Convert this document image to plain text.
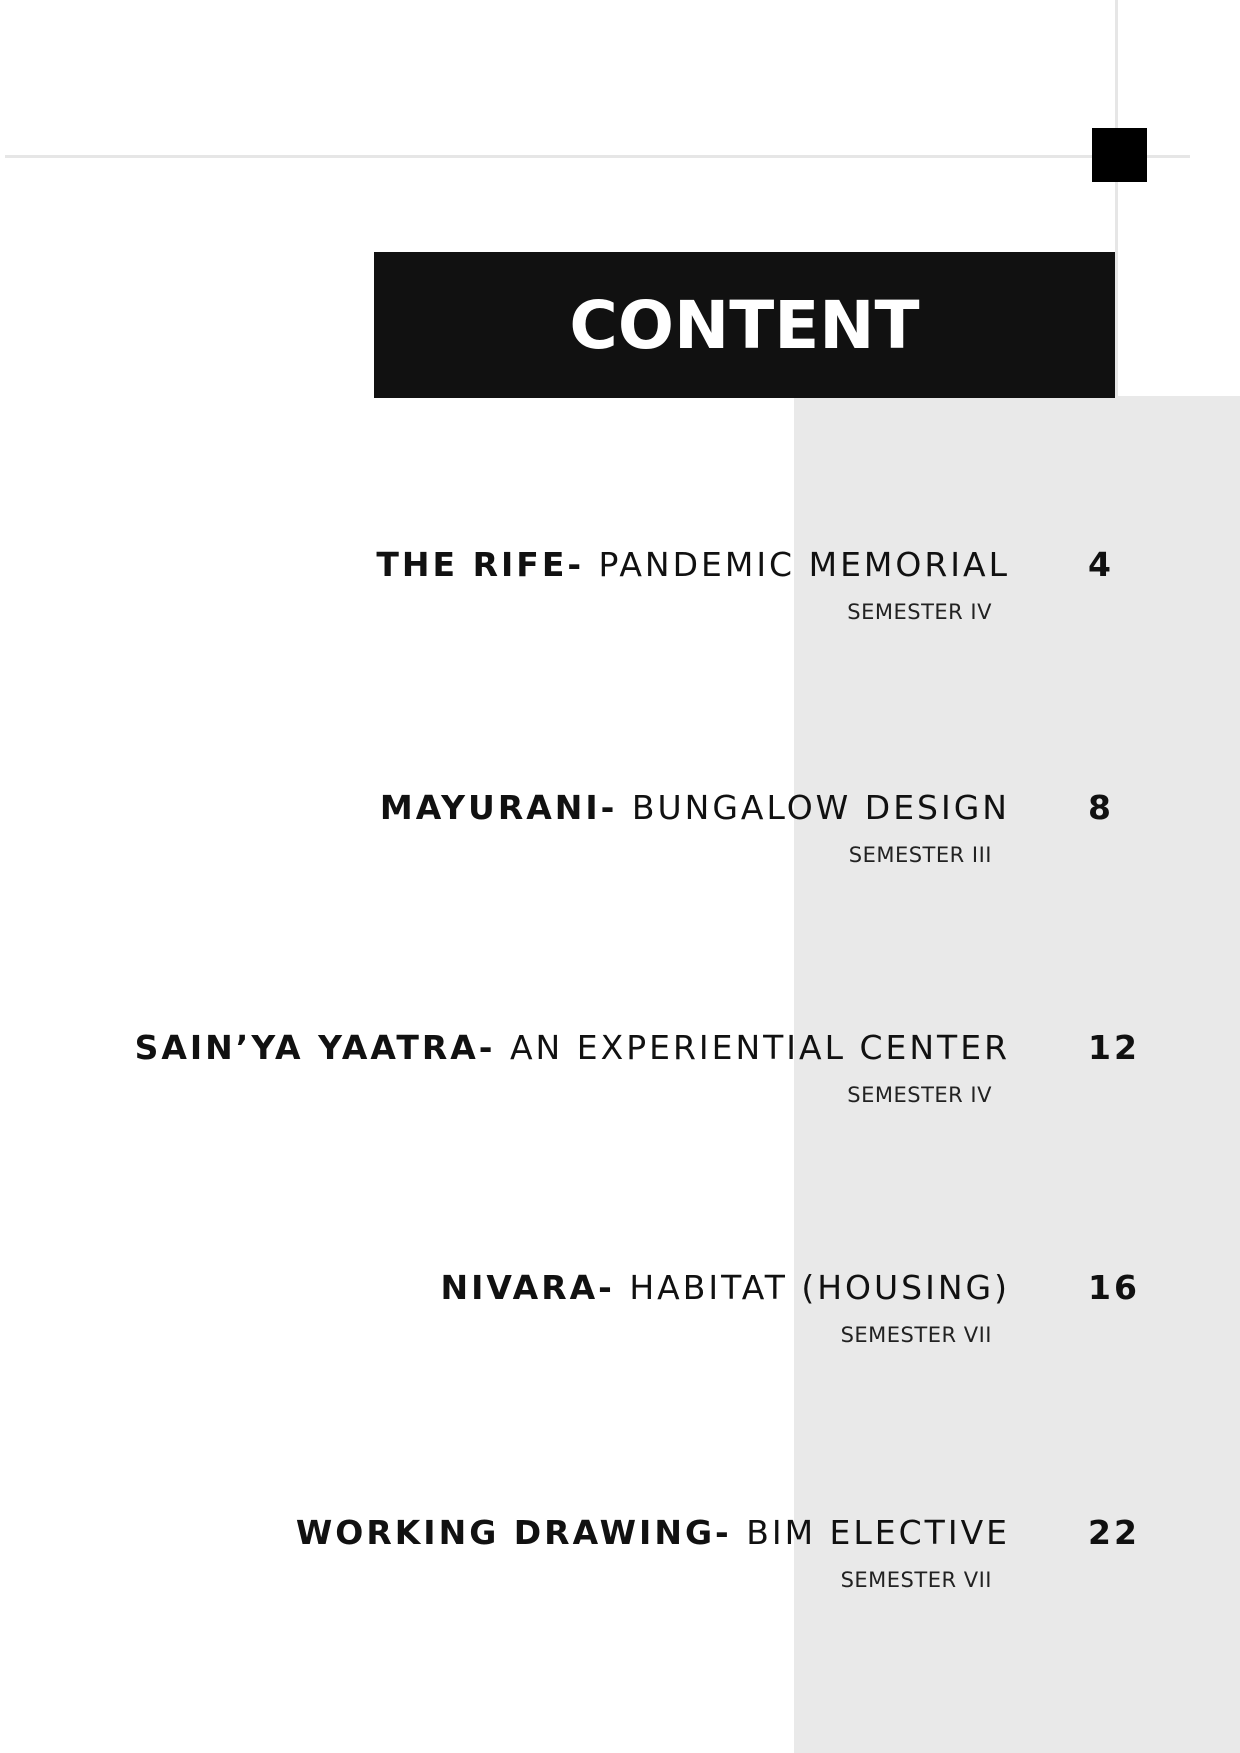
CONTENT
THE RIFE- PANDEMIC MEMORIAL 4
SEMESTER IV
MAYURANI- BUNGALOW DESIGN 8
SEMESTER III
SAIN’YA YAATRA- AN EXPERIENTIAL CENTER 12
SEMESTER IV
NIVARA- HABITAT (HOUSING) 16
SEMESTER VII
WORKING DRAWING- BIM ELECTIVE 22
SEMESTER VII
